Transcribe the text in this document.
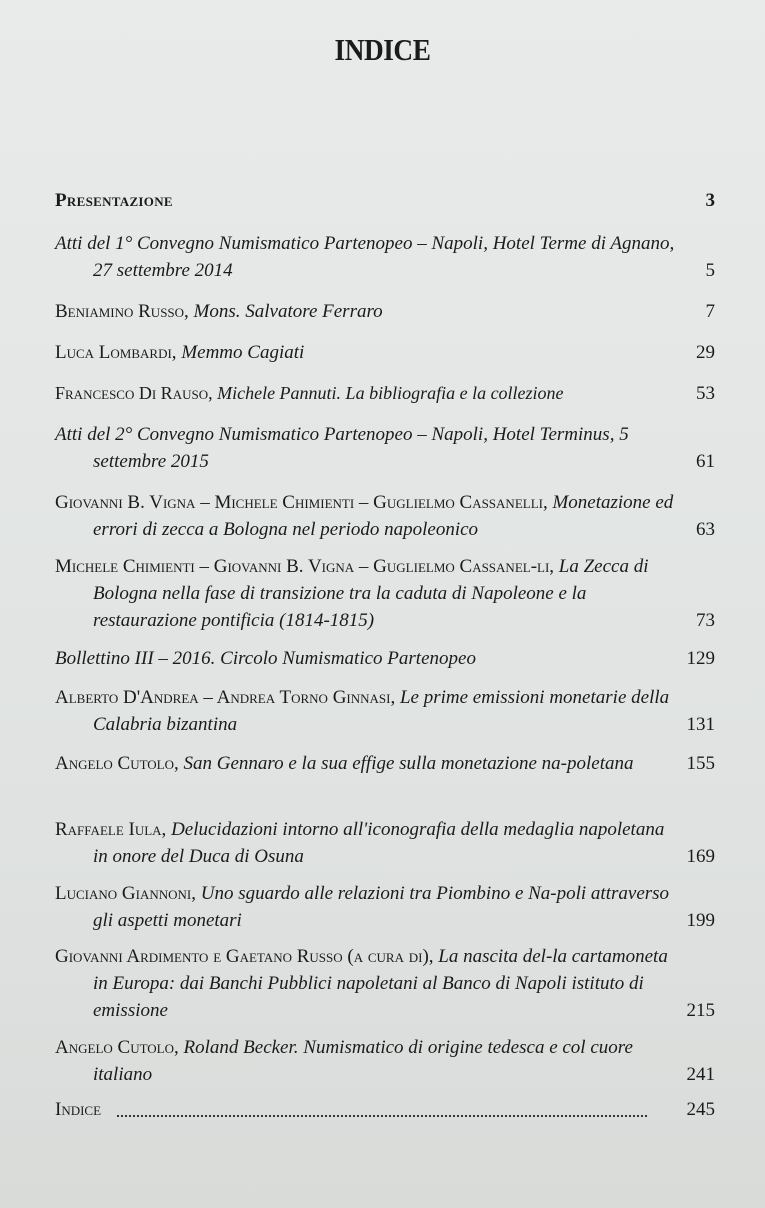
INDICE
Presentazione	3
Atti del 1° Convegno Numismatico Partenopeo – Napoli, Hotel Terme di Agnano, 27 settembre 2014	5
Beniamino Russo, Mons. Salvatore Ferraro	7
Luca Lombardi, Memmo Cagiati	29
Francesco Di Rauso, Michele Pannuti. La bibliografia e la collezione	53
Atti del 2° Convegno Numismatico Partenopeo – Napoli, Hotel Terminus, 5 settembre 2015	61
Giovanni B. Vigna – Michele Chimienti – Guglielmo Cassanelli, Monetazione ed errori di zecca a Bologna nel periodo napoleonico	63
Michele Chimienti – Giovanni B. Vigna – Guglielmo Cassanel-li, La Zecca di Bologna nella fase di transizione tra la caduta di Napoleone e la restaurazione pontificia (1814-1815)	73
Bollettino III – 2016. Circolo Numismatico Partenopeo	129
Alberto D'Andrea – Andrea Torno Ginnasi, Le prime emissioni monetarie della Calabria bizantina	131
Angelo Cutolo, San Gennaro e la sua effige sulla monetazione na-poletana	155
Raffaele Iula, Delucidazioni intorno all'iconografia della medaglia napoletana in onore del Duca di Osuna	169
Luciano Giannoni, Uno sguardo alle relazioni tra Piombino e Na-poli attraverso gli aspetti monetari	199
Giovanni Ardimento e Gaetano Russo (a cura di), La nascita del-la cartamoneta in Europa: dai Banchi Pubblici napoletani al Banco di Napoli istituto di emissione	215
Angelo Cutolo, Roland Becker. Numismatico di origine tedesca e col cuore italiano	241
Indice	245
